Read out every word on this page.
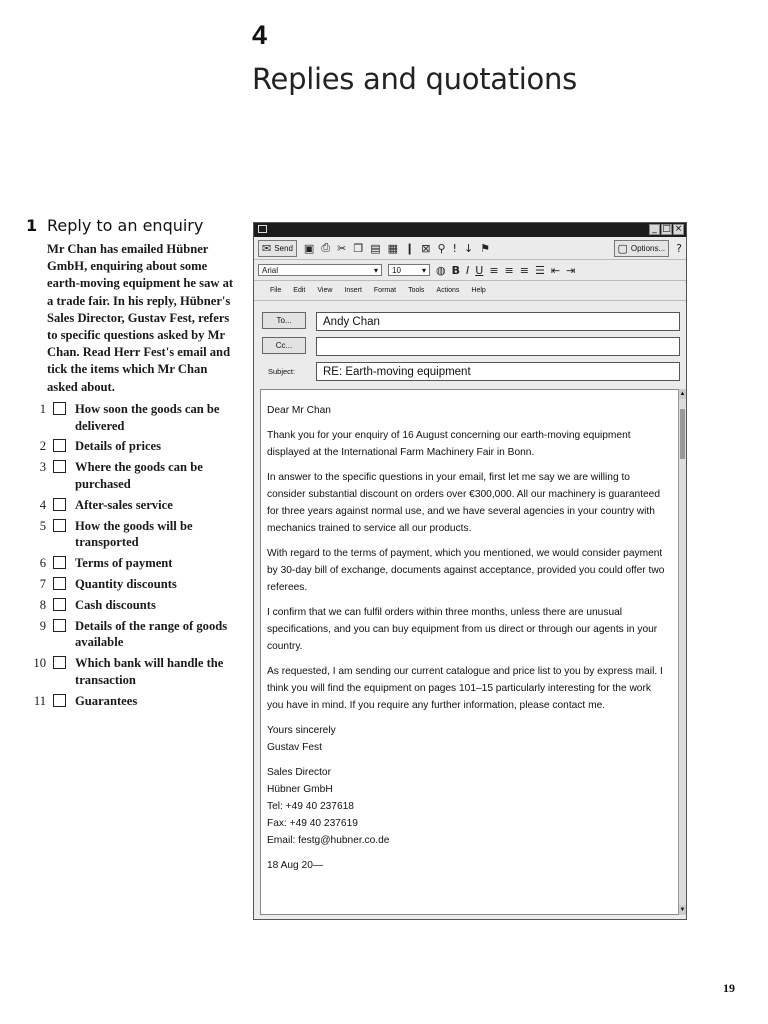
4
Replies and quotations
1 Reply to an enquiry
Mr Chan has emailed Hübner GmbH, enquiring about some earth-moving equipment he saw at a trade fair. In his reply, Hübner's Sales Director, Gustav Fest, refers to specific questions asked by Mr Chan. Read Herr Fest's email and tick the items which Mr Chan asked about.
1	How soon the goods can be delivered
2	Details of prices
3	Where the goods can be purchased
4	After-sales service
5	How the goods will be transported
6	Terms of payment
7	Quantity discounts
8	Cash discounts
9	Details of the range of goods available
10	Which bank will handle the transaction
11	Guarantees
_ □ ×
✉ Send ▣ ⎙ ✂ ❐ ▤ ▦ ❙ ⊠ ⚲ ! ↓ ⚑	▢ Options... ?
Arial	▾ 10	▾ ◍ B I U ≡ ≡ ≡ ☰ ⇤ ⇥
File Edit View Insert Format Tools Actions Help
To...	Andy Chan
Cc...
Subject:	RE: Earth-moving equipment

Dear Mr Chan

Thank you for your enquiry of 16 August concerning our earth-moving equipment displayed at the International Farm Machinery Fair in Bonn.

In answer to the specific questions in your email, first let me say we are willing to consider substantial discount on orders over €300,000. All our machinery is guaranteed for three years against normal use, and we have several agencies in your country with mechanics trained to service all our products.

With regard to the terms of payment, which you mentioned, we would consider payment by 30-day bill of exchange, documents against acceptance, provided you could offer two referees.

I confirm that we can fulfil orders within three months, unless there are unusual specifications, and you can buy equipment from us direct or through our agents in your country.

As requested, I am sending our current catalogue and price list to you by express mail. I think you will find the equipment on pages 101–15 particularly interesting for the work you have in mind. If you require any further information, please contact me.

Yours sincerely

Gustav Fest

Sales Director

Hübner GmbH

Tel: +49 40 237618

Fax: +49 40 237619

Email: festg@hubner.co.de

18 Aug 20—

▲
▼
19
